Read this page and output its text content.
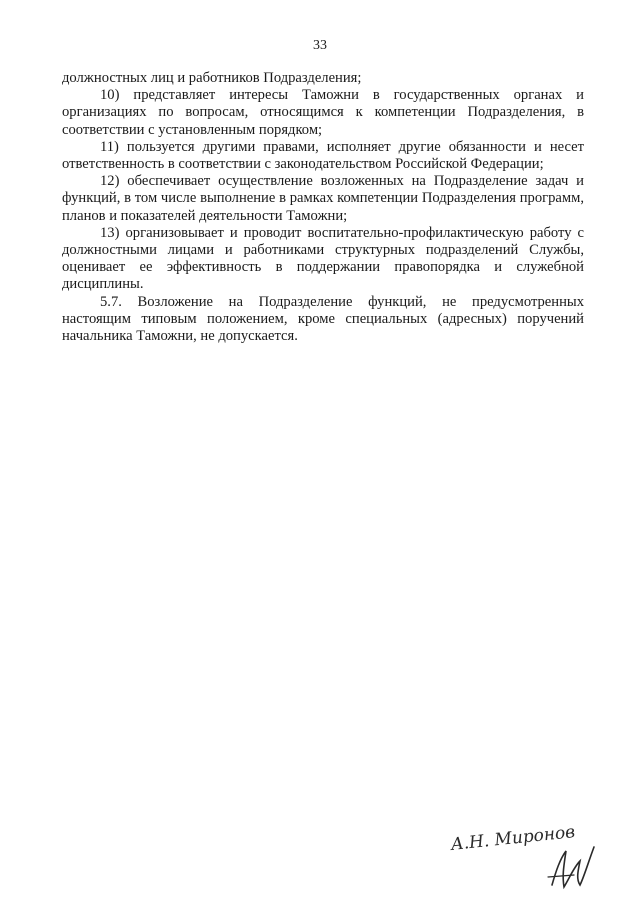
33

должностных лиц и работников Подразделения;

10) представляет интересы Таможни в государственных органах и организациях по вопросам, относящимся к компетенции Подразделения, в соответствии с установленным порядком;

11) пользуется другими правами, исполняет другие обязанности и несет ответственность в соответствии с законодательством Российской Федерации;

12) обеспечивает осуществление возложенных на Подразделение задач и функций, в том числе выполнение в рамках компетенции Подразделения программ, планов и показателей деятельности Таможни;

13) организовывает и проводит воспитательно-профилактическую работу с должностными лицами и работниками структурных подразделений Службы, оценивает ее эффективность в поддержании правопорядка и служебной дисциплины.

5.7. Возложение на Подразделение функций, не предусмотренных настоящим типовым положением, кроме специальных (адресных) поручений начальника Таможни, не допускается.

А.Н. Миронов
